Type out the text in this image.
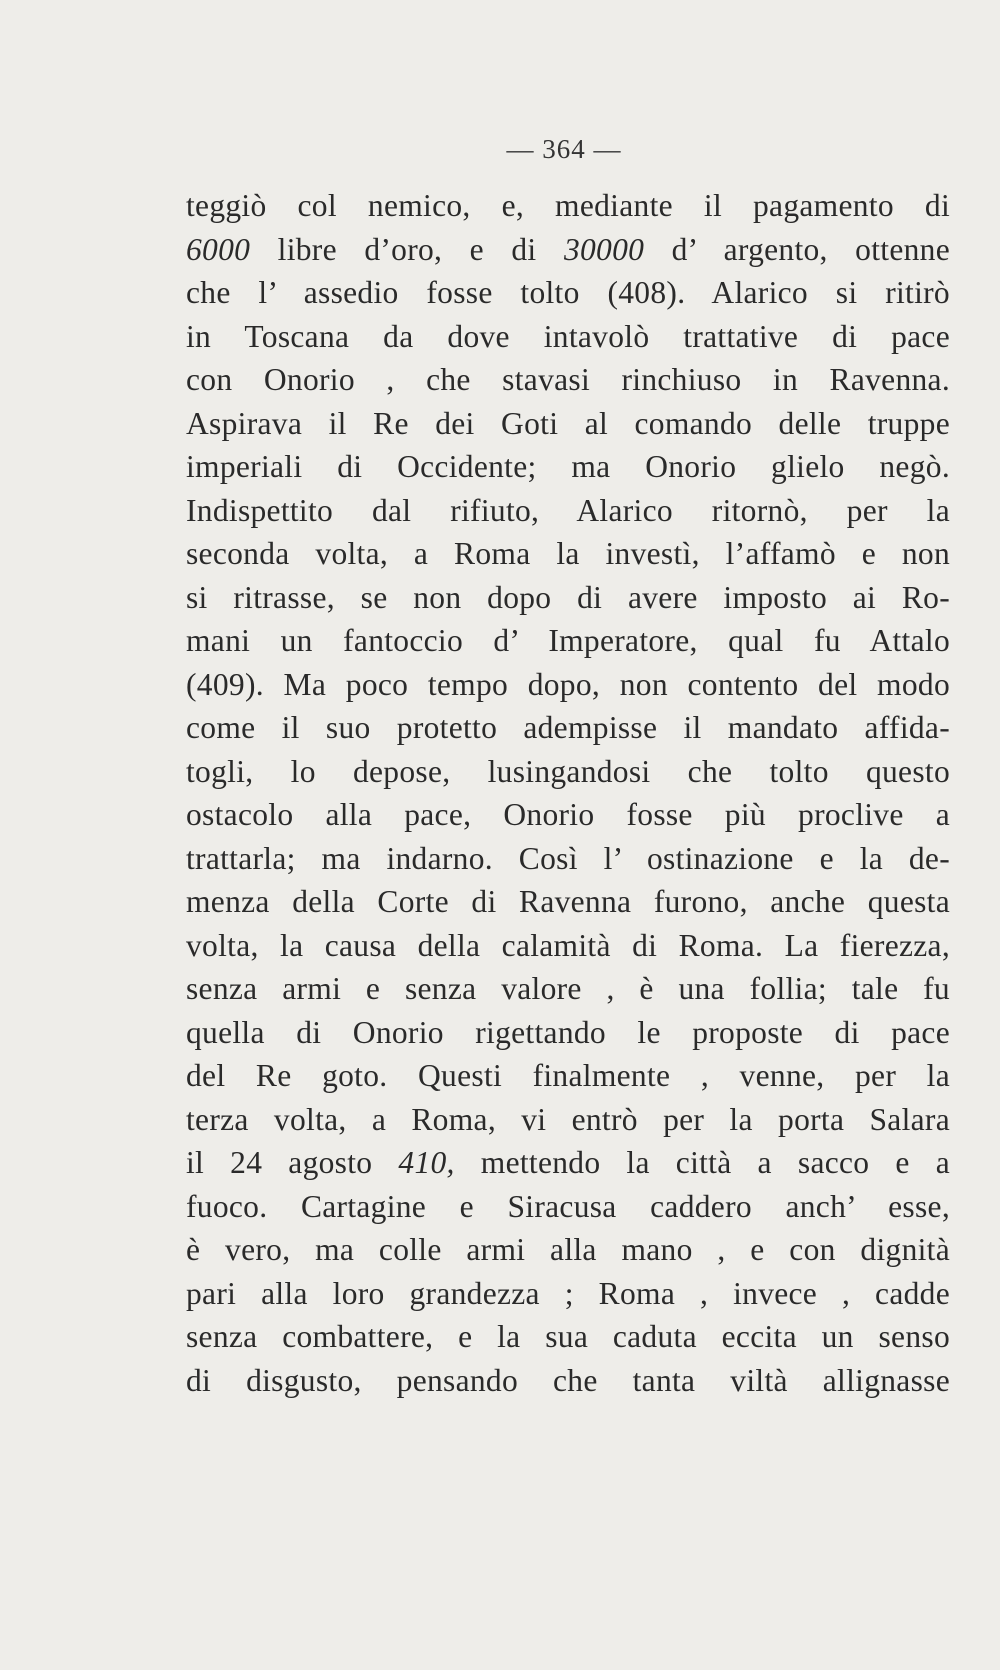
— 364 —
teggiò col nemico, e, mediante il pagamento di
6000 libre d’oro, e di 30000 d’ argento, ottenne
che l’ assedio fosse tolto (408). Alarico si ritirò
in Toscana da dove intavolò trattative di pace
con Onorio , che stavasi rinchiuso in Ravenna.
Aspirava il Re dei Goti al comando delle truppe
imperiali di Occidente; ma Onorio glielo negò.
Indispettito dal rifiuto, Alarico ritornò, per la
seconda volta, a Roma la investì, l’affamò e non
si ritrasse, se non dopo di avere imposto ai Ro-
mani un fantoccio d’ Imperatore, qual fu Attalo
(409). Ma poco tempo dopo, non contento del modo
come il suo protetto adempisse il mandato affida-
togli, lo depose, lusingandosi che tolto questo
ostacolo alla pace, Onorio fosse più proclive a
trattarla; ma indarno. Così l’ ostinazione e la de-
menza della Corte di Ravenna furono, anche questa
volta, la causa della calamità di Roma. La fierezza,
senza armi e senza valore , è una follia; tale fu
quella di Onorio rigettando le proposte di pace
del Re goto. Questi finalmente , venne, per la
terza volta, a Roma, vi entrò per la porta Salara
il 24 agosto 410, mettendo la città a sacco e a
fuoco. Cartagine e Siracusa caddero anch’ esse,
è vero, ma colle armi alla mano , e con dignità
pari alla loro grandezza ; Roma , invece , cadde
senza combattere, e la sua caduta eccita un senso
di disgusto, pensando che tanta viltà allignasse
